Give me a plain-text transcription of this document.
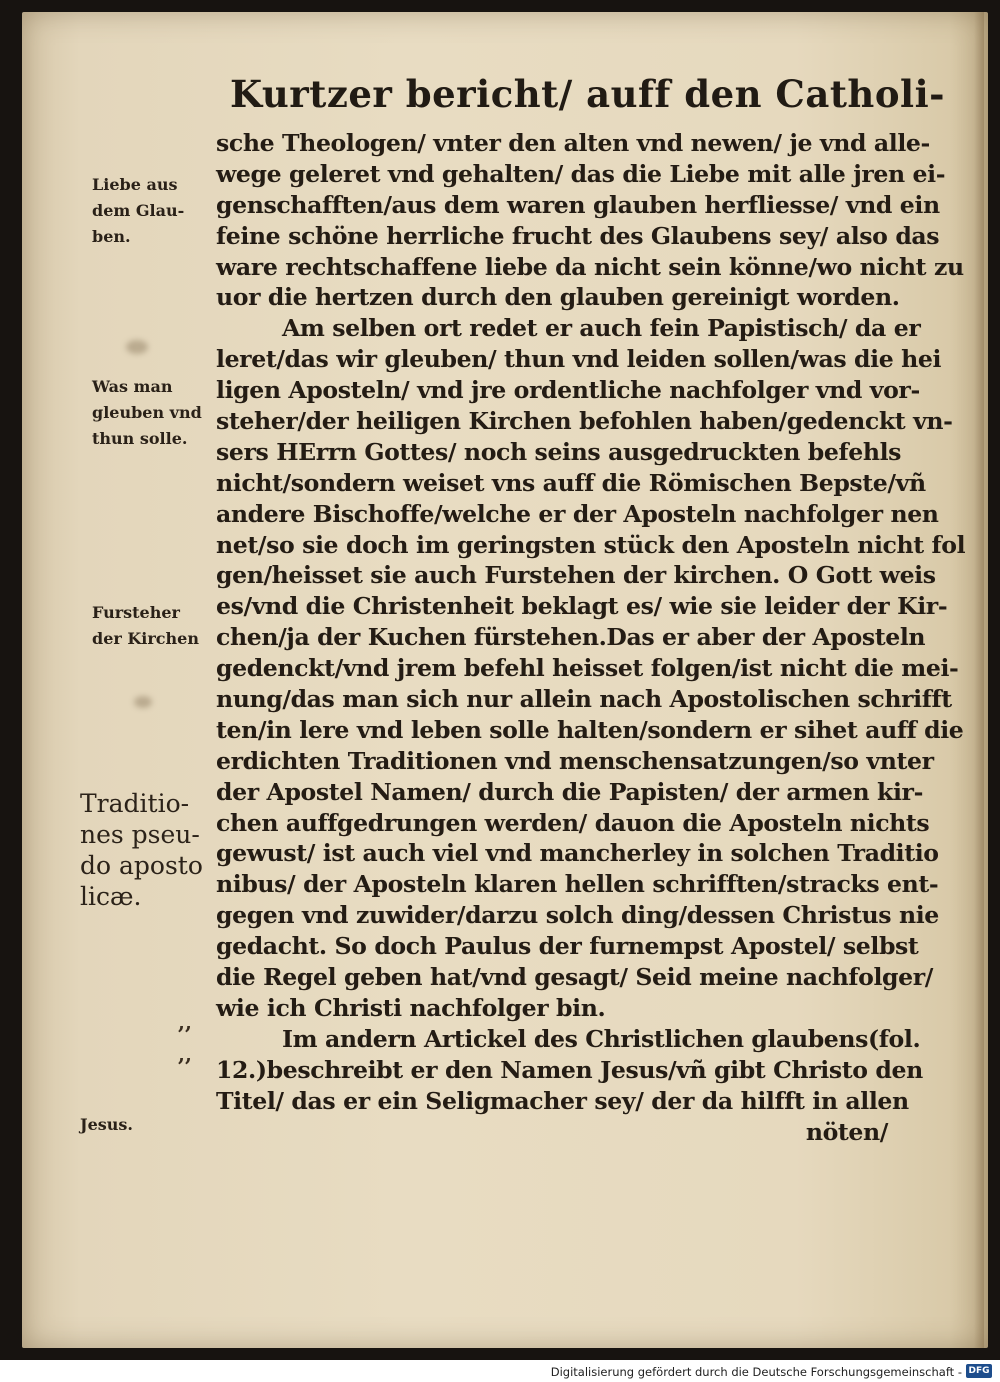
Kurtzer bericht/ auff den Catholi-
sche Theologen/ vnter den alten vnd newen/ je vnd alle-
wege geleret vnd gehalten/ das die Liebe mit alle jren ei-
genschafften/aus dem waren glauben herfliesse/ vnd ein
feine schöne herrliche frucht des Glaubens sey/ also das
ware rechtschaffene liebe da nicht sein könne/wo nicht zu
uor die hertzen durch den glauben gereinigt worden.
Am selben ort redet er auch fein Papistisch/ da er
leret/das wir gleuben/ thun vnd leiden sollen/was die hei
ligen Aposteln/ vnd jre ordentliche nachfolger vnd vor-
steher/der heiligen Kirchen befohlen haben/gedenckt vn-
sers HErrn Gottes/ noch seins ausgedruckten befehls
nicht/sondern weiset vns auff die Römischen Bepste/vñ
andere Bischoffe/welche er der Aposteln nachfolger nen
net/so sie doch im geringsten stück den Aposteln nicht fol
gen/heisset sie auch Furstehen der kirchen. O Gott weis
es/vnd die Christenheit beklagt es/ wie sie leider der Kir-
chen/ja der Kuchen fürstehen.Das er aber der Aposteln
gedenckt/vnd jrem befehl heisset folgen/ist nicht die mei-
nung/das man sich nur allein nach Apostolischen schrifft
ten/in lere vnd leben solle halten/sondern er sihet auff die
erdichten Traditionen vnd menschensatzungen/so vnter
der Apostel Namen/ durch die Papisten/ der armen kir-
chen auffgedrungen werden/ dauon die Aposteln nichts
gewust/ ist auch viel vnd mancherley in solchen Traditio
nibus/ der Aposteln klaren hellen schrifften/stracks ent-
gegen vnd zuwider/darzu solch ding/dessen Christus nie
gedacht. So doch Paulus der furnempst Apostel/ selbst
die Regel geben hat/vnd gesagt/ Seid meine nachfolger/
wie ich Christi nachfolger bin.
Im andern Artickel des Christlichen glaubens(fol.
12.)beschreibt er den Namen Jesus/vñ gibt Christo den
Titel/ das er ein Seligmacher sey/ der da hilfft in allen
nöten/
Liebe aus
dem Glau-
ben.
Was man
gleuben vnd
thun solle.
Fursteher
der Kirchen
Traditio-
nes pseu-
do aposto
licæ.
Jesus.
,,
,,
Digitalisierung gefördert durch die Deutsche Forschungsgemeinschaft - DFG
